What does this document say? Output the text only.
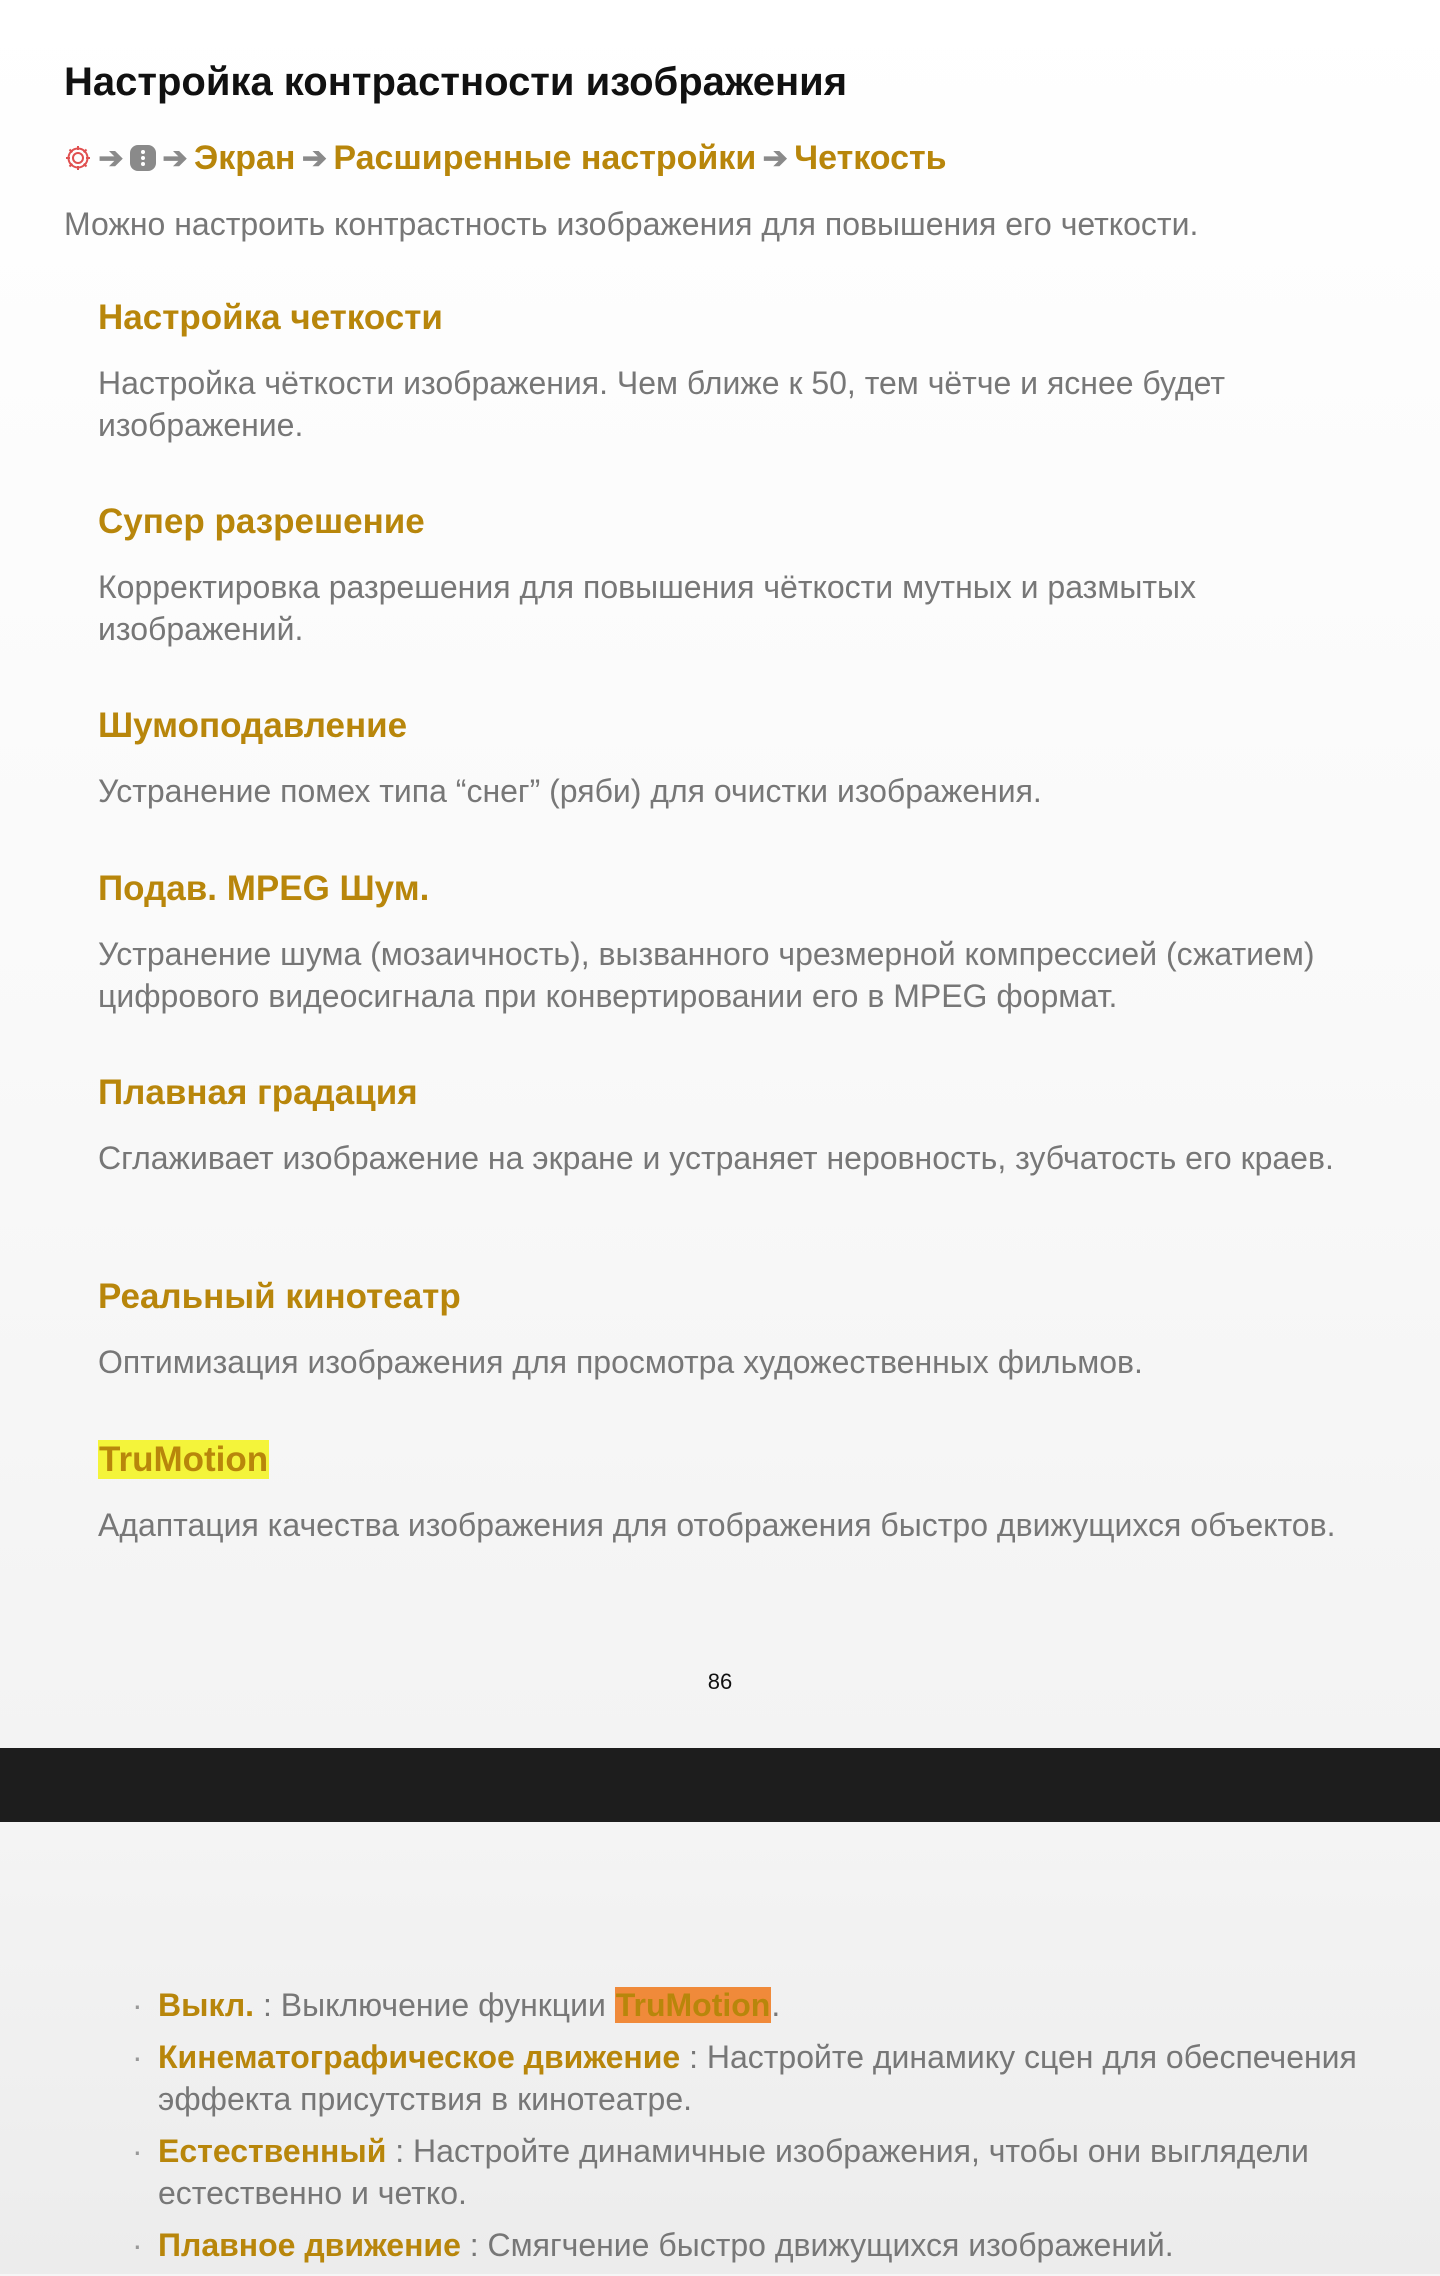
Настройка контрастности изображения
➔ ➔ Экран ➔ Расширенные настройки ➔ Четкость

Можно настроить контрастность изображения для повышения его четкости.

Настройка четкости

Настройка чёткости изображения. Чем ближе к 50, тем чётче и яснее будет изображение.

Супер разрешение

Корректировка разрешения для повышения чёткости мутных и размытых изображений.

Шумоподавление

Устранение помех типа “снег” (ряби) для очистки изображения.

Подав. MPEG Шум.

Устранение шума (мозаичность), вызванного чрезмерной компрессией (сжатием) цифрового видеосигнала при конвертировании его в MPEG формат.

Плавная градация

Сглаживает изображение на экране и устраняет неровность, зубчатость его краев.

Реальный кинотеатр

Оптимизация изображения для просмотра художественных фильмов.

TruMotion

Адаптация качества изображения для отображения быстро движущихся объектов.

86
· Выкл. : Выключение функции TruMotion.
· Кинематографическое движение : Настройте динамику сцен для обеспечения эффекта присутствия в кинотеатре.
· Естественный : Настройте динамичные изображения, чтобы они выглядели естественно и четко.
· Плавное движение : Смягчение быстро движущихся изображений.
